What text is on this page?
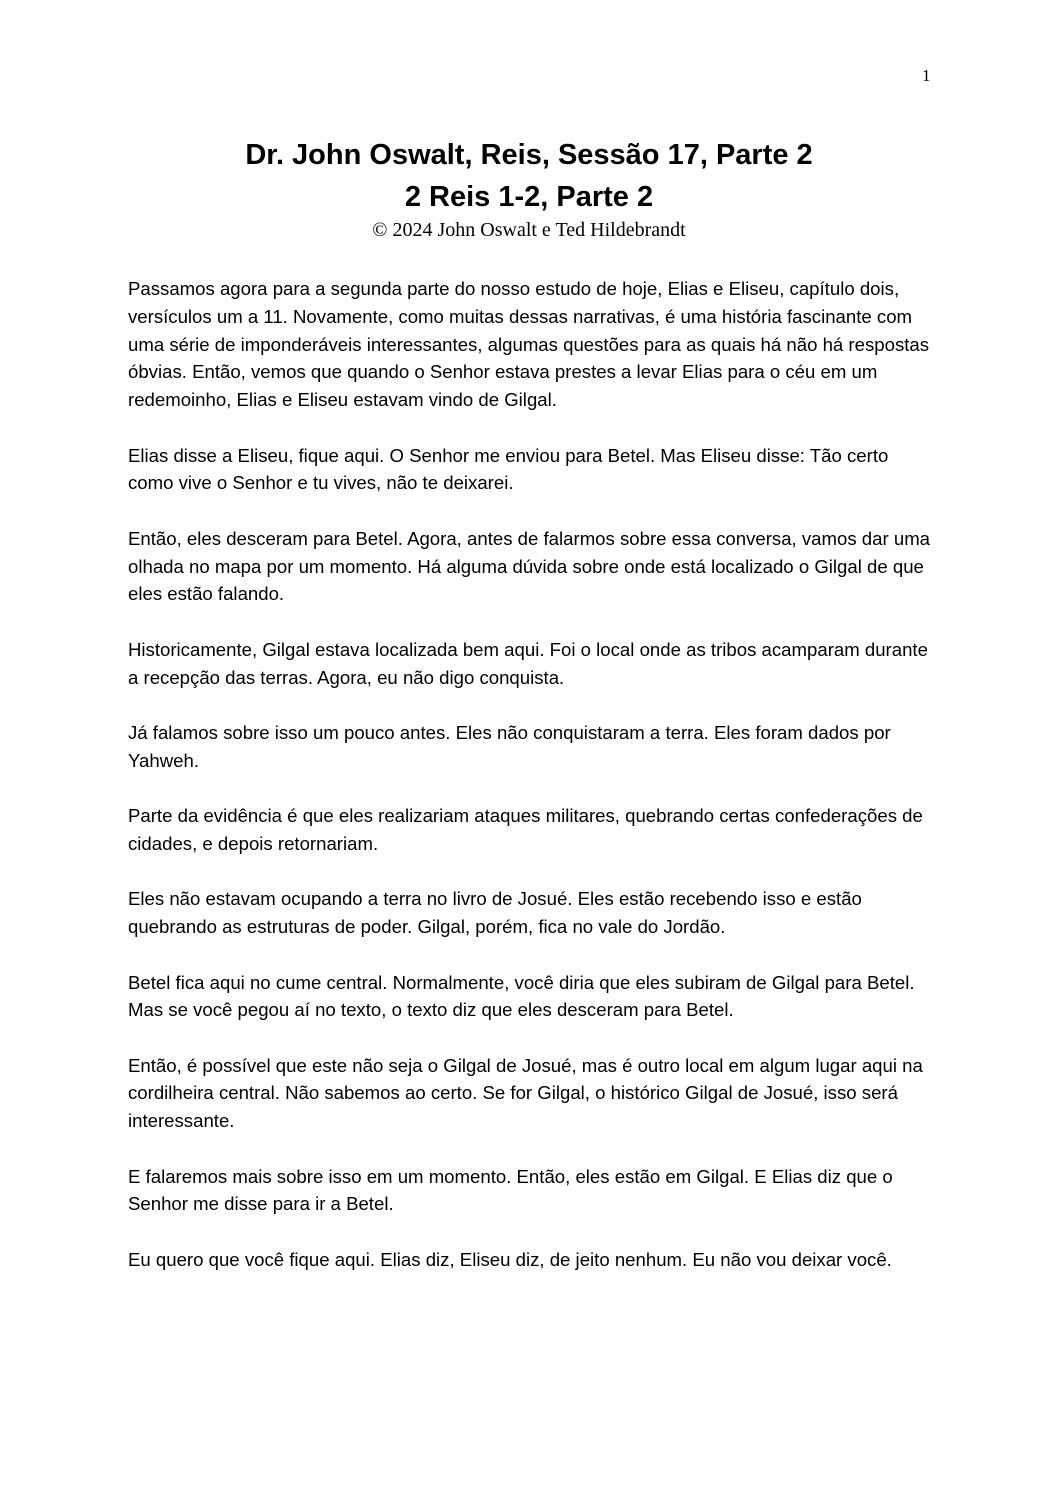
1
Dr. John Oswalt, Reis, Sessão 17, Parte 2
2 Reis 1-2, Parte 2
© 2024 John Oswalt e Ted Hildebrandt

Passamos agora para a segunda parte do nosso estudo de hoje, Elias e Eliseu, capítulo dois, versículos um a 11. Novamente, como muitas dessas narrativas, é uma história fascinante com uma série de imponderáveis interessantes, algumas questões para as quais há não há respostas óbvias. Então, vemos que quando o Senhor estava prestes a levar Elias para o céu em um redemoinho, Elias e Eliseu estavam vindo de Gilgal.

Elias disse a Eliseu, fique aqui. O Senhor me enviou para Betel. Mas Eliseu disse: Tão certo como vive o Senhor e tu vives, não te deixarei.

Então, eles desceram para Betel. Agora, antes de falarmos sobre essa conversa, vamos dar uma olhada no mapa por um momento. Há alguma dúvida sobre onde está localizado o Gilgal de que eles estão falando.

Historicamente, Gilgal estava localizada bem aqui. Foi o local onde as tribos acamparam durante a recepção das terras. Agora, eu não digo conquista.

Já falamos sobre isso um pouco antes. Eles não conquistaram a terra. Eles foram dados por Yahweh.

Parte da evidência é que eles realizariam ataques militares, quebrando certas confederações de cidades, e depois retornariam.

Eles não estavam ocupando a terra no livro de Josué. Eles estão recebendo isso e estão quebrando as estruturas de poder. Gilgal, porém, fica no vale do Jordão.

Betel fica aqui no cume central. Normalmente, você diria que eles subiram de Gilgal para Betel. Mas se você pegou aí no texto, o texto diz que eles desceram para Betel.

Então, é possível que este não seja o Gilgal de Josué, mas é outro local em algum lugar aqui na cordilheira central. Não sabemos ao certo. Se for Gilgal, o histórico Gilgal de Josué, isso será interessante.

E falaremos mais sobre isso em um momento. Então, eles estão em Gilgal. E Elias diz que o Senhor me disse para ir a Betel.

Eu quero que você fique aqui. Elias diz, Eliseu diz, de jeito nenhum. Eu não vou deixar você.
